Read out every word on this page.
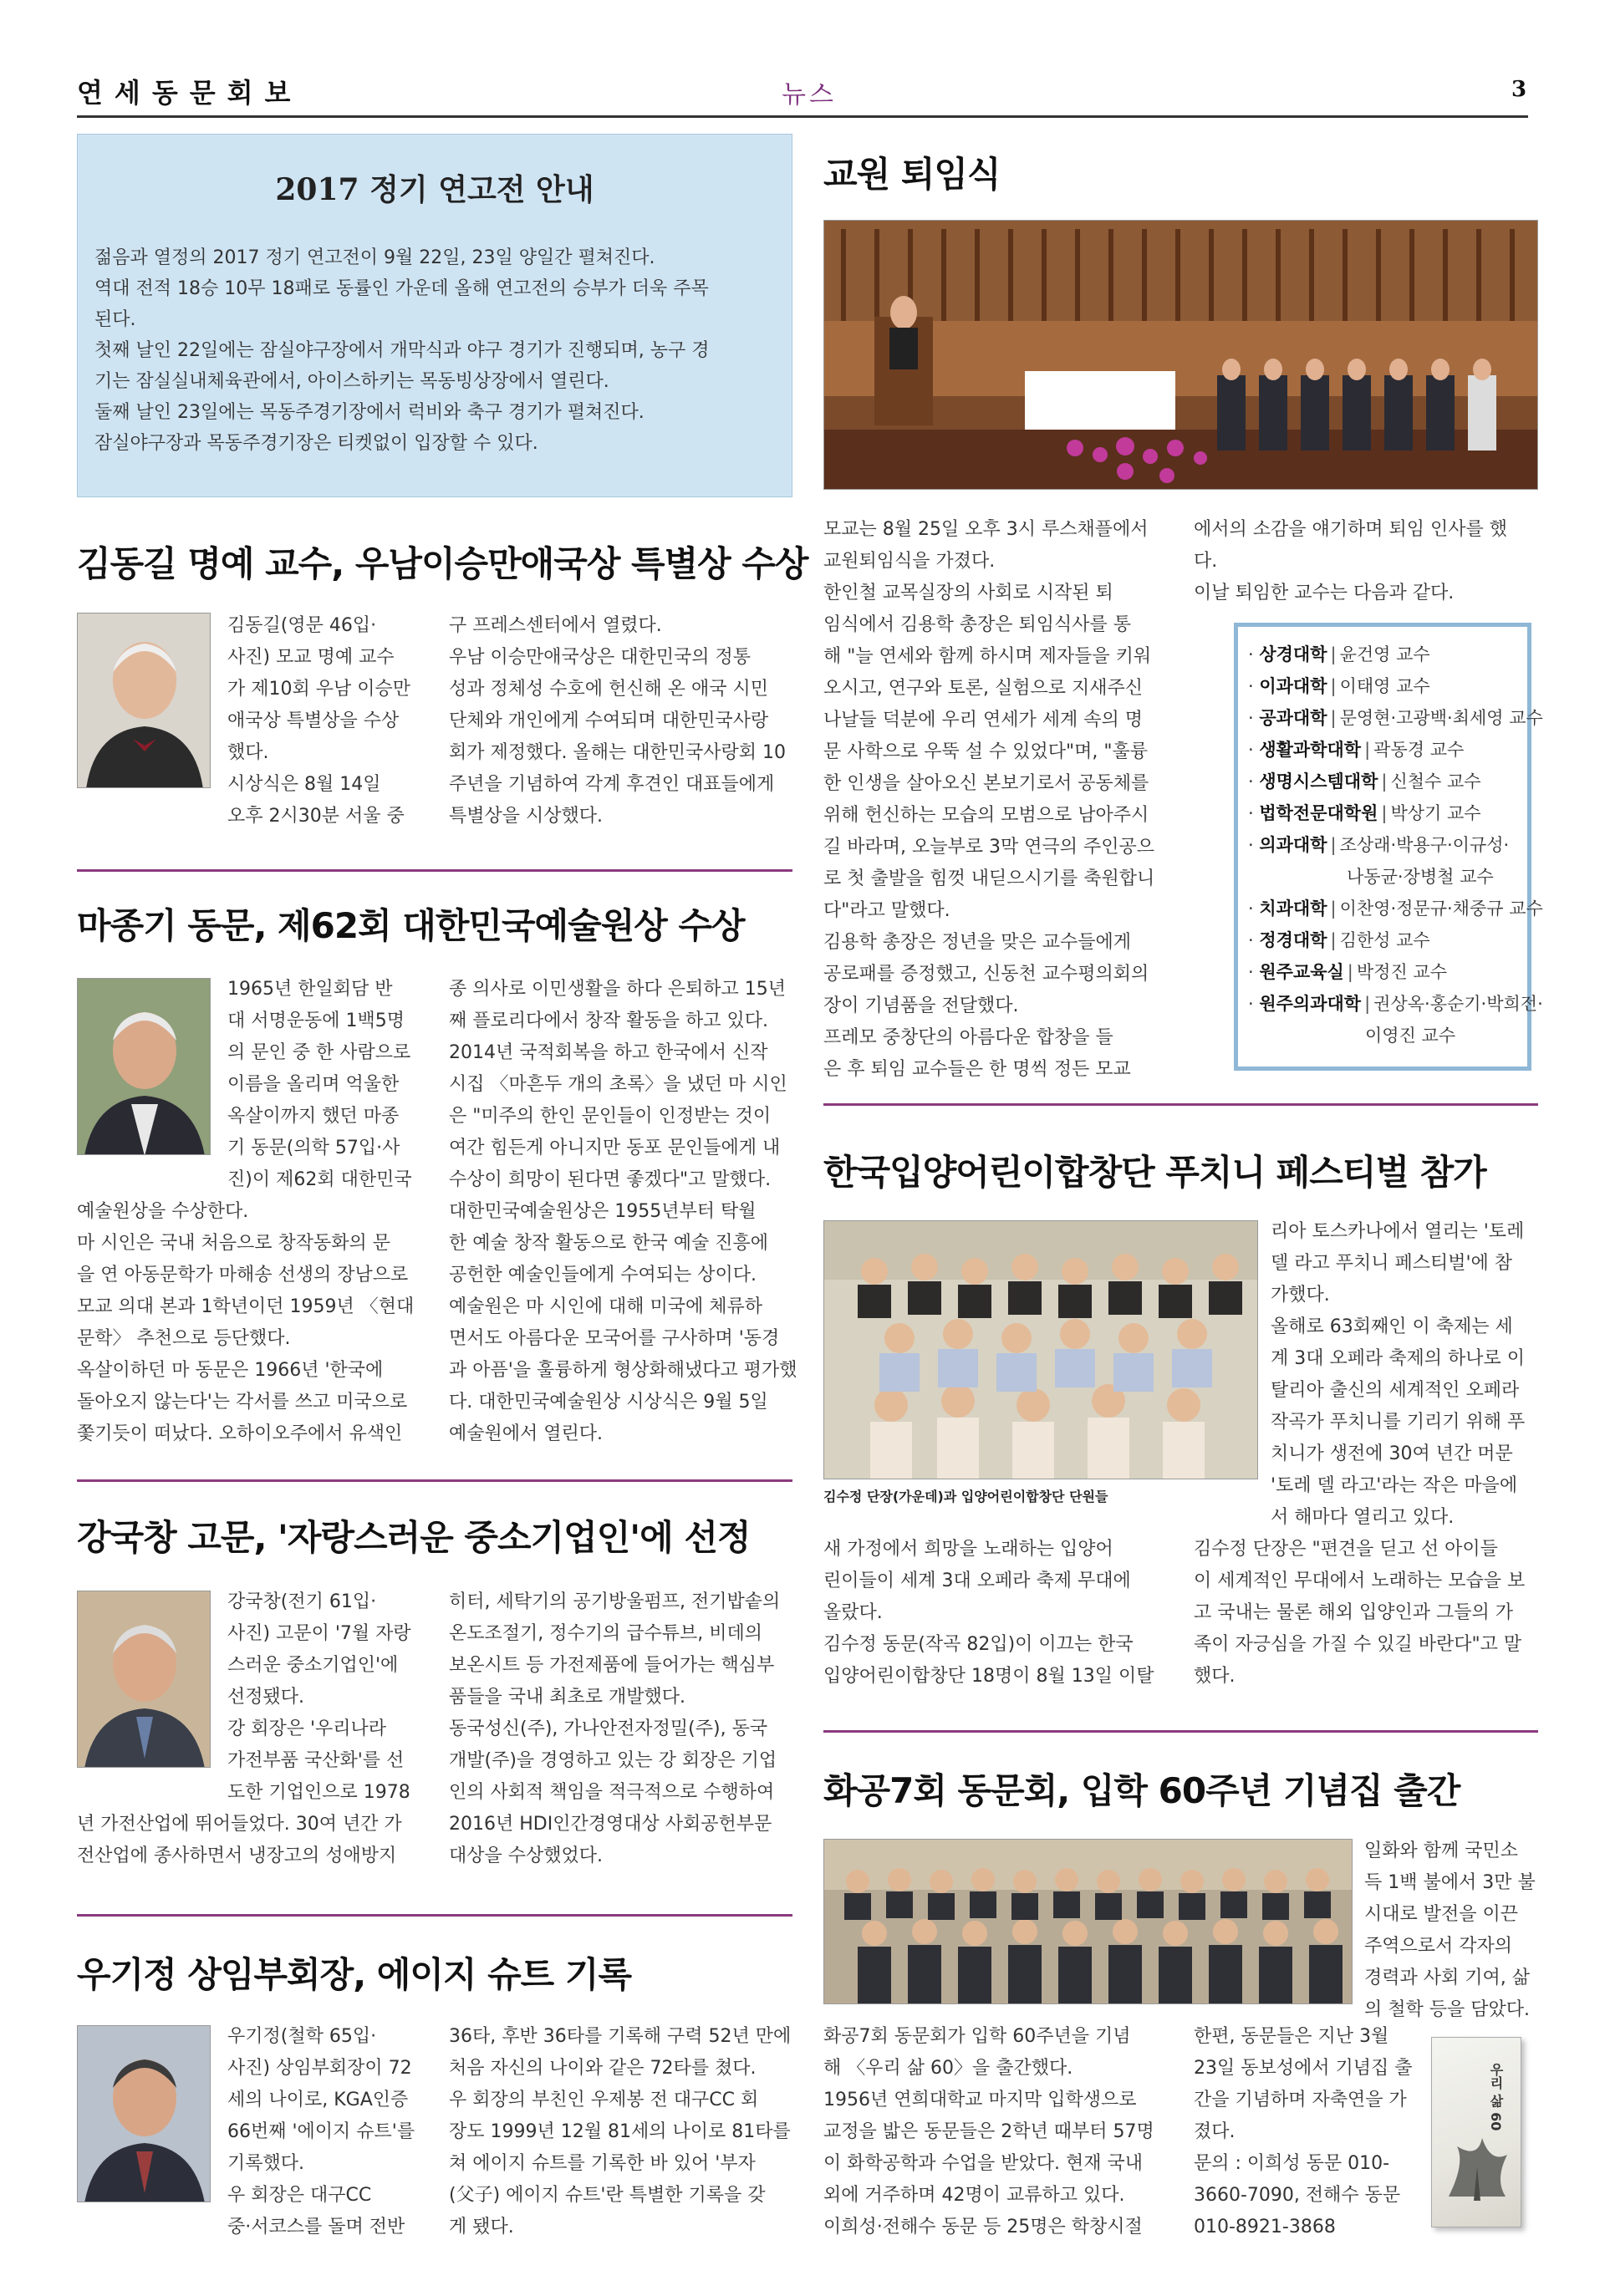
연세동문회보	뉴스	3
2017 정기 연고전 안내

젊음과 열정의 2017 정기 연고전이 9월 22일, 23일 양일간 펼쳐진다.

역대 전적 18승 10무 18패로 동률인 가운데 올해 연고전의 승부가 더욱 주목

된다.

첫째 날인 22일에는 잠실야구장에서 개막식과 야구 경기가 진행되며, 농구 경

기는 잠실실내체육관에서, 아이스하키는 목동빙상장에서 열린다.

둘째 날인 23일에는 목동주경기장에서 럭비와 축구 경기가 펼쳐진다.

잠실야구장과 목동주경기장은 티켓없이 입장할 수 있다.

김동길 명예 교수, 우남이승만애국상 특별상 수상

김동길(영문 46입·

사진) 모교 명예 교수

가 제10회 우남 이승만

애국상 특별상을 수상

했다.

시상식은 8월 14일

오후 2시30분 서울 중

구 프레스센터에서 열렸다.

우남 이승만애국상은 대한민국의 정통

성과 정체성 수호에 헌신해 온 애국 시민

단체와 개인에게 수여되며 대한민국사랑

회가 제정했다. 올해는 대한민국사랑회 10

주년을 기념하여 각계 후견인 대표들에게

특별상을 시상했다.

마종기 동문, 제62회 대한민국예술원상 수상

1965년 한일회담 반

대 서명운동에 1백5명

의 문인 중 한 사람으로

이름을 올리며 억울한

옥살이까지 했던 마종

기 동문(의학 57입·사

진)이 제62회 대한민국

예술원상을 수상한다.

마 시인은 국내 처음으로 창작동화의 문

을 연 아동문학가 마해송 선생의 장남으로

모교 의대 본과 1학년이던 1959년 〈현대

문학〉 추천으로 등단했다.

옥살이하던 마 동문은 1966년 '한국에

돌아오지 않는다'는 각서를 쓰고 미국으로

쫓기듯이 떠났다. 오하이오주에서 유색인

종 의사로 이민생활을 하다 은퇴하고 15년

째 플로리다에서 창작 활동을 하고 있다.

2014년 국적회복을 하고 한국에서 신작

시집 〈마흔두 개의 초록〉을 냈던 마 시인

은 "미주의 한인 문인들이 인정받는 것이

여간 힘든게 아니지만 동포 문인들에게 내

수상이 희망이 된다면 좋겠다"고 말했다.

대한민국예술원상은 1955년부터 탁월

한 예술 창작 활동으로 한국 예술 진흥에

공헌한 예술인들에게 수여되는 상이다.

예술원은 마 시인에 대해 미국에 체류하

면서도 아름다운 모국어를 구사하며 '동경

과 아픔'을 훌륭하게 형상화해냈다고 평가했

다. 대한민국예술원상 시상식은 9월 5일

예술원에서 열린다.

강국창 고문, '자랑스러운 중소기업인'에 선정

강국창(전기 61입·

사진) 고문이 '7월 자랑

스러운 중소기업인'에

선정됐다.

강 회장은 '우리나라

가전부품 국산화'를 선

도한 기업인으로 1978

년 가전산업에 뛰어들었다. 30여 년간 가

전산업에 종사하면서 냉장고의 성애방지

히터, 세탁기의 공기방울펌프, 전기밥솥의

온도조절기, 정수기의 급수튜브, 비데의

보온시트 등 가전제품에 들어가는 핵심부

품들을 국내 최초로 개발했다.

동국성신(주), 가나안전자정밀(주), 동국

개발(주)을 경영하고 있는 강 회장은 기업

인의 사회적 책임을 적극적으로 수행하여

2016년 HDI인간경영대상 사회공헌부문

대상을 수상했었다.

우기정 상임부회장, 에이지 슈트 기록

우기정(철학 65입·

사진) 상임부회장이 72

세의 나이로, KGA인증

66번째 '에이지 슈트'를

기록했다.

우 회장은 대구CC

중·서코스를 돌며 전반

36타, 후반 36타를 기록해 구력 52년 만에

처음 자신의 나이와 같은 72타를 쳤다.

우 회장의 부친인 우제봉 전 대구CC 회

장도 1999년 12월 81세의 나이로 81타를

쳐 에이지 슈트를 기록한 바 있어 '부자

(父子) 에이지 슈트'란 특별한 기록을 갖

게 됐다.

교원 퇴임식

모교는 8월 25일 오후 3시 루스채플에서

교원퇴임식을 가졌다.

한인철 교목실장의 사회로 시작된 퇴

임식에서 김용학 총장은 퇴임식사를 통

해 "늘 연세와 함께 하시며 제자들을 키워

오시고, 연구와 토론, 실험으로 지새주신

나날들 덕분에 우리 연세가 세계 속의 명

문 사학으로 우뚝 설 수 있었다"며, "훌륭

한 인생을 살아오신 본보기로서 공동체를

위해 헌신하는 모습의 모범으로 남아주시

길 바라며, 오늘부로 3막 연극의 주인공으

로 첫 출발을 힘껏 내딛으시기를 축원합니

다"라고 말했다.

김용학 총장은 정년을 맞은 교수들에게

공로패를 증정했고, 신동천 교수평의회의

장이 기념품을 전달했다.

프레모 중창단의 아름다운 합창을 들

은 후 퇴임 교수들은 한 명씩 정든 모교

에서의 소감을 얘기하며 퇴임 인사를 했

다.

이날 퇴임한 교수는 다음과 같다.

· 상경대학 | 윤건영 교수
· 이과대학 | 이태영 교수
· 공과대학 | 문영현·고광백·최세영 교수
· 생활과학대학 | 곽동경 교수
· 생명시스템대학 | 신철수 교수
· 법학전문대학원 | 박상기 교수
· 의과대학 | 조상래·박용구·이규성·
나동균·장병철 교수
· 치과대학 | 이찬영·정문규·채중규 교수
· 정경대학 | 김한성 교수
· 원주교육실 | 박정진 교수
· 원주의과대학 | 권상옥·홍순기·박희전·
이영진 교수
한국입양어린이합창단 푸치니 페스티벌 참가
김수정 단장(가운데)과 입양어린이합창단 단원들

리아 토스카나에서 열리는 '토레

델 라고 푸치니 페스티벌'에 참

가했다.

올해로 63회째인 이 축제는 세

계 3대 오페라 축제의 하나로 이

탈리아 출신의 세계적인 오페라

작곡가 푸치니를 기리기 위해 푸

치니가 생전에 30여 년간 머문

'토레 델 라고'라는 작은 마을에

서 해마다 열리고 있다.

새 가정에서 희망을 노래하는 입양어

린이들이 세계 3대 오페라 축제 무대에

올랐다.

김수정 동문(작곡 82입)이 이끄는 한국

입양어린이합창단 18명이 8월 13일 이탈

김수정 단장은 "편견을 딛고 선 아이들

이 세계적인 무대에서 노래하는 모습을 보

고 국내는 물론 해외 입양인과 그들의 가

족이 자긍심을 가질 수 있길 바란다"고 말

했다.

화공7회 동문회, 입학 60주년 기념집 출간

일화와 함께 국민소

득 1백 불에서 3만 불

시대로 발전을 이끈

주역으로서 각자의

경력과 사회 기여, 삶

의 철학 등을 담았다.

화공7회 동문회가 입학 60주년을 기념

해 〈우리 삶 60〉을 출간했다.

1956년 연희대학교 마지막 입학생으로

교정을 밟은 동문들은 2학년 때부터 57명

이 화학공학과 수업을 받았다. 현재 국내

외에 거주하며 42명이 교류하고 있다.

이희성·전해수 동문 등 25명은 학창시절

한편, 동문들은 지난 3월

23일 동보성에서 기념집 출

간을 기념하며 자축연을 가

졌다.

문의 : 이희성 동문 010-

3660-7090, 전해수 동문

010-8921-3868

우리 삶 60
